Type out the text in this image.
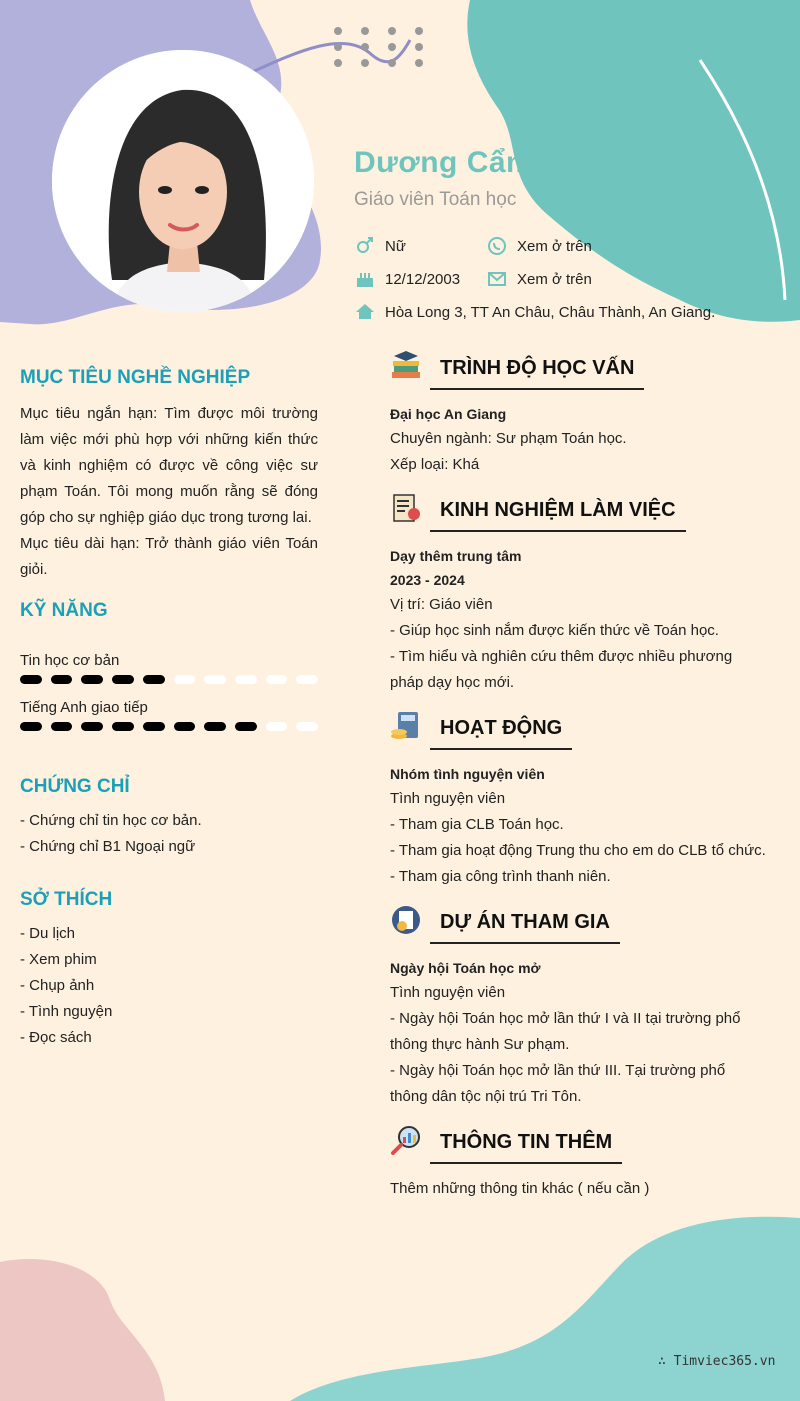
Dương Cẩm Ly
Giáo viên Toán học
Nữ	Xem ở trên
12/12/2003	Xem ở trên
Hòa Long 3, TT An Châu, Châu Thành, An Giang.
MỤC TIÊU NGHỀ NGHIỆP

Mục tiêu ngắn hạn: Tìm được môi trường làm việc mới phù hợp với những kiến thức và kinh nghiệm có được về công việc sư phạm Toán. Tôi mong muốn rằng sẽ đóng góp cho sự nghiệp giáo dục trong tương lai.

Mục tiêu dài hạn: Trở thành giáo viên Toán giỏi.

KỸ NĂNG

Tin học cơ bản

Tiếng Anh giao tiếp

CHỨNG CHỈ

- Chứng chỉ tin học cơ bản.

- Chứng chỉ B1 Ngoại ngữ

SỞ THÍCH

- Du lịch

- Xem phim

- Chụp ảnh

- Tình nguyện

- Đọc sách

TRÌNH ĐỘ HỌC VẤN

Đại học An Giang

Chuyên ngành: Sư phạm Toán học.

Xếp loại: Khá

KINH NGHIỆM LÀM VIỆC

Dạy thêm trung tâm

2023 - 2024

Vị trí: Giáo viên

- Giúp học sinh nắm được kiến thức về Toán học.

- Tìm hiểu và nghiên cứu thêm được nhiều phương pháp dạy học mới.

HOẠT ĐỘNG

Nhóm tình nguyện viên

Tình nguyện viên

- Tham gia CLB Toán học.

- Tham gia hoạt động Trung thu cho em do CLB tổ chức.

- Tham gia công trình thanh niên.

DỰ ÁN THAM GIA

Ngày hội Toán học mở

Tình nguyện viên

- Ngày hội Toán học mở lần thứ I và II tại trường phổ thông thực hành Sư phạm.

- Ngày hội Toán học mở lần thứ III. Tại trường phổ thông dân tộc nội trú Tri Tôn.

THÔNG TIN THÊM

Thêm những thông tin khác ( nếu cần )

∴ Timviec365.vn
